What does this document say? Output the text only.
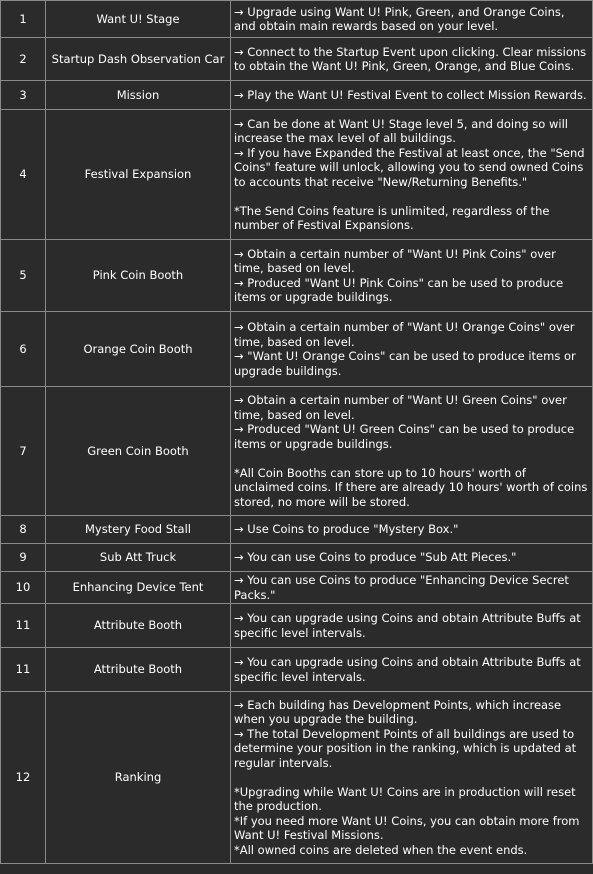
1	Want U! Stage	→ Upgrade using Want U! Pink, Green, and Orange Coins, and obtain main rewards based on your level.

2	Startup Dash Observation Car	→ Connect to the Startup Event upon clicking. Clear missions to obtain the Want U! Pink, Green, Orange, and Blue Coins.

3	Mission	→ Play the Want U! Festival Event to collect Mission Rewards.

4	Festival Expansion	→ Can be done at Want U! Stage level 5, and doing so will increase the max level of all buildings.
→ If you have Expanded the Festival at least once, the "Send Coins" feature will unlock, allowing you to send owned Coins to accounts that receive "New/Returning Benefits."
*The Send Coins feature is unlimited, regardless of the number of Festival Expansions.

5	Pink Coin Booth	→ Obtain a certain number of "Want U! Pink Coins" over time, based on level.
→ Produced "Want U! Pink Coins" can be used to produce items or upgrade buildings.

6	Orange Coin Booth	→ Obtain a certain number of "Want U! Orange Coins" over time, based on level.
→ "Want U! Orange Coins" can be used to produce items or upgrade buildings.

7	Green Coin Booth	→ Obtain a certain number of "Want U! Green Coins" over time, based on level.
→ Produced "Want U! Green Coins" can be used to produce items or upgrade buildings.
*All Coin Booths can store up to 10 hours' worth of unclaimed coins. If there are already 10 hours' worth of coins stored, no more will be stored.

8	Mystery Food Stall	→ Use Coins to produce "Mystery Box."

9	Sub Att Truck	→ You can use Coins to produce "Sub Att Pieces."

10	Enhancing Device Tent	→ You can use Coins to produce "Enhancing Device Secret Packs."

11	Attribute Booth	→ You can upgrade using Coins and obtain Attribute Buffs at specific level intervals.

11	Attribute Booth	→ You can upgrade using Coins and obtain Attribute Buffs at specific level intervals.

12	Ranking	→ Each building has Development Points, which increase when you upgrade the building.
→ The total Development Points of all buildings are used to determine your position in the ranking, which is updated at regular intervals.
*Upgrading while Want U! Coins are in production will reset the production.
*If you need more Want U! Coins, you can obtain more from Want U! Festival Missions.
*All owned coins are deleted when the event ends.
